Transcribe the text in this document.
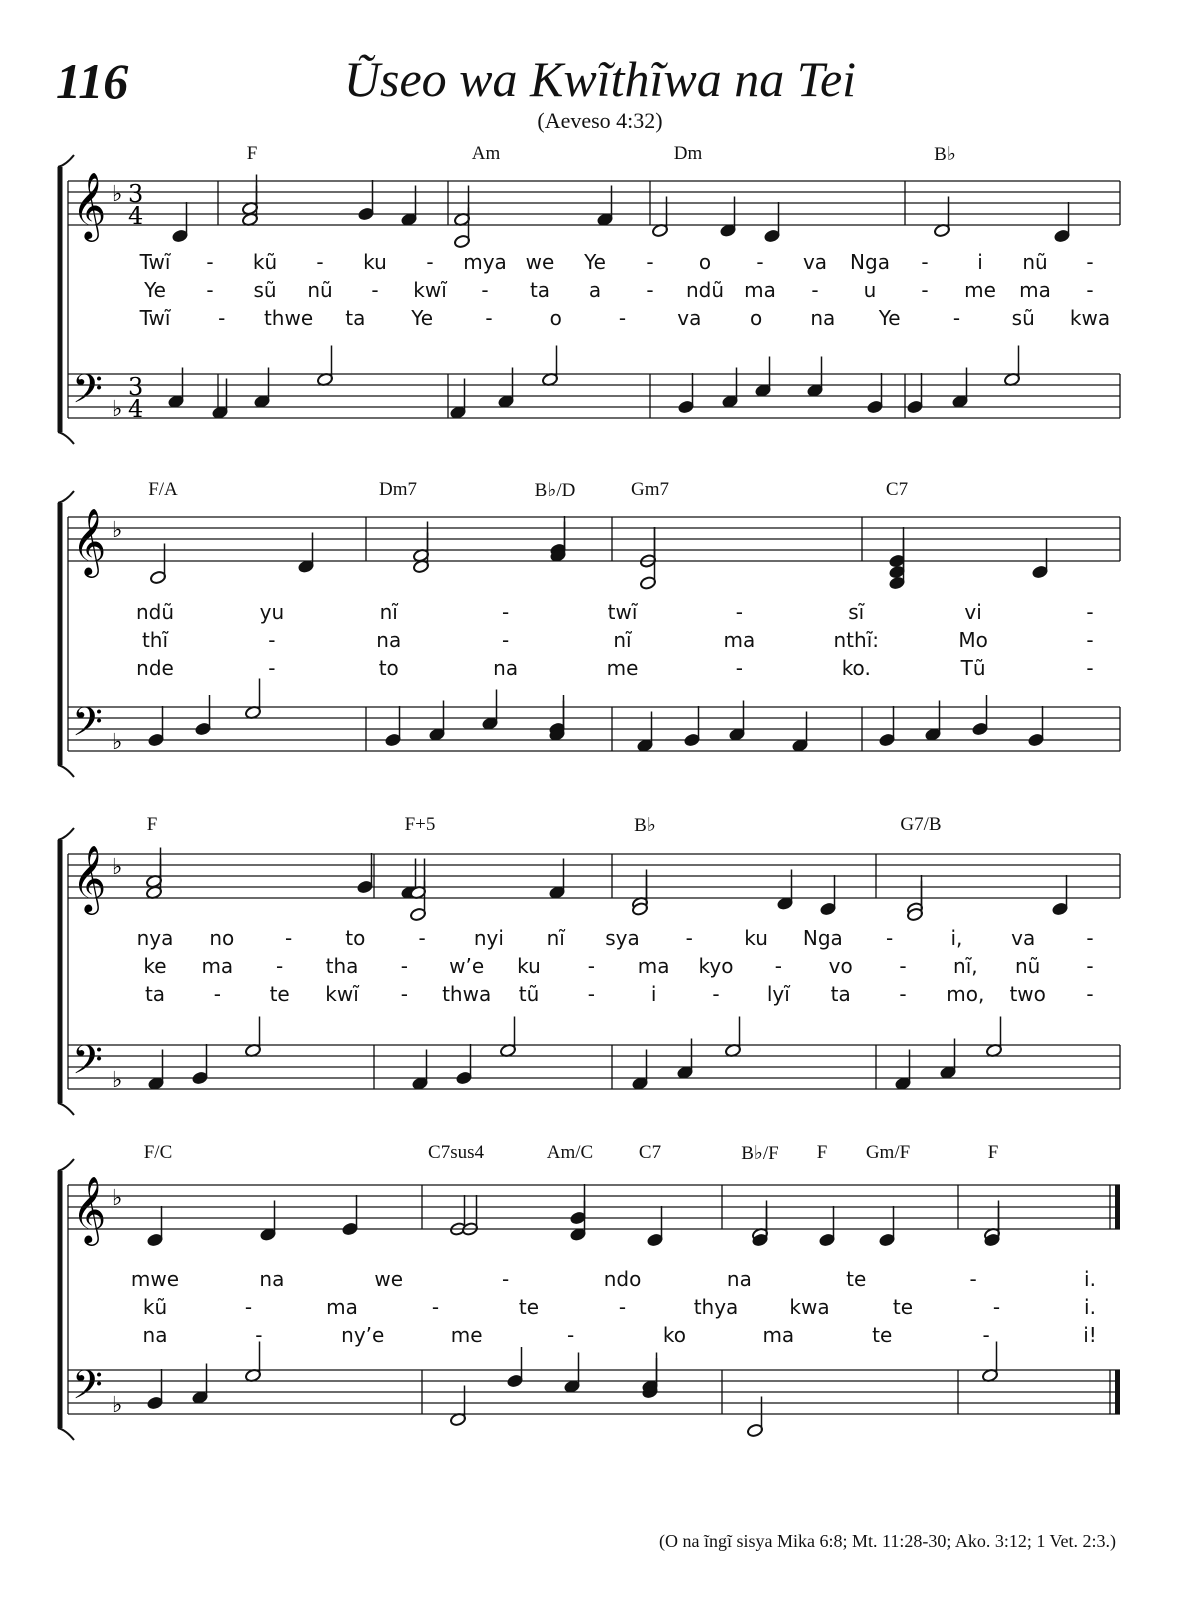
116	Ũseo wa Kwĩthĩwa na Tei
(Aeveso 4:32)
𝄞 ♭
𝄢 ♭
3
4
3
4
𝄞 ♭
𝄢 ♭
𝄞 ♭
𝄢 ♭
𝄞 ♭
𝄢 ♭
F	Am	Dm	B♭
Twĩ - kũ - ku - mya we Ye - o - va Nga - i nũ -
Ye - sũ nũ - kwĩ - ta a - ndũ ma - u - me ma -
Twĩ - thwe ta Ye	-	o	-	va o na Ye	-	sũ kwa
F/A	Dm7	B♭/D	Gm7	C7
ndũ	yu	nĩ	-	twĩ	-	sĩ	vi	-
thĩ	-	na	-	nĩ	ma	nthĩ:	Mo	-
nde	-	to	na	me	-	ko.	Tũ	-
F	F+5	B♭	G7/B
nya no	-	to	- nyi nĩ sya -	ku Nga -	i, va	-
ke ma - tha - w’e ku - ma kyo - vo - nĩ, nũ -
ta - te kwĩ - thwa tũ -	i	- lyĩ ta - mo, two -
F/C	C7sus4	Am/C C7	B♭/F F Gm/F	F
mwe	na	we	-	ndo	na	te	-	i.
kũ	-	ma	-	te	-	thya	kwa	te	-	i.
na	-	ny’e	me	-	ko	ma	te	-	i!
(O na ĩngĩ sisya Mika 6:8; Mt. 11:28-30; Ako. 3:12; 1 Vet. 2:3.)
